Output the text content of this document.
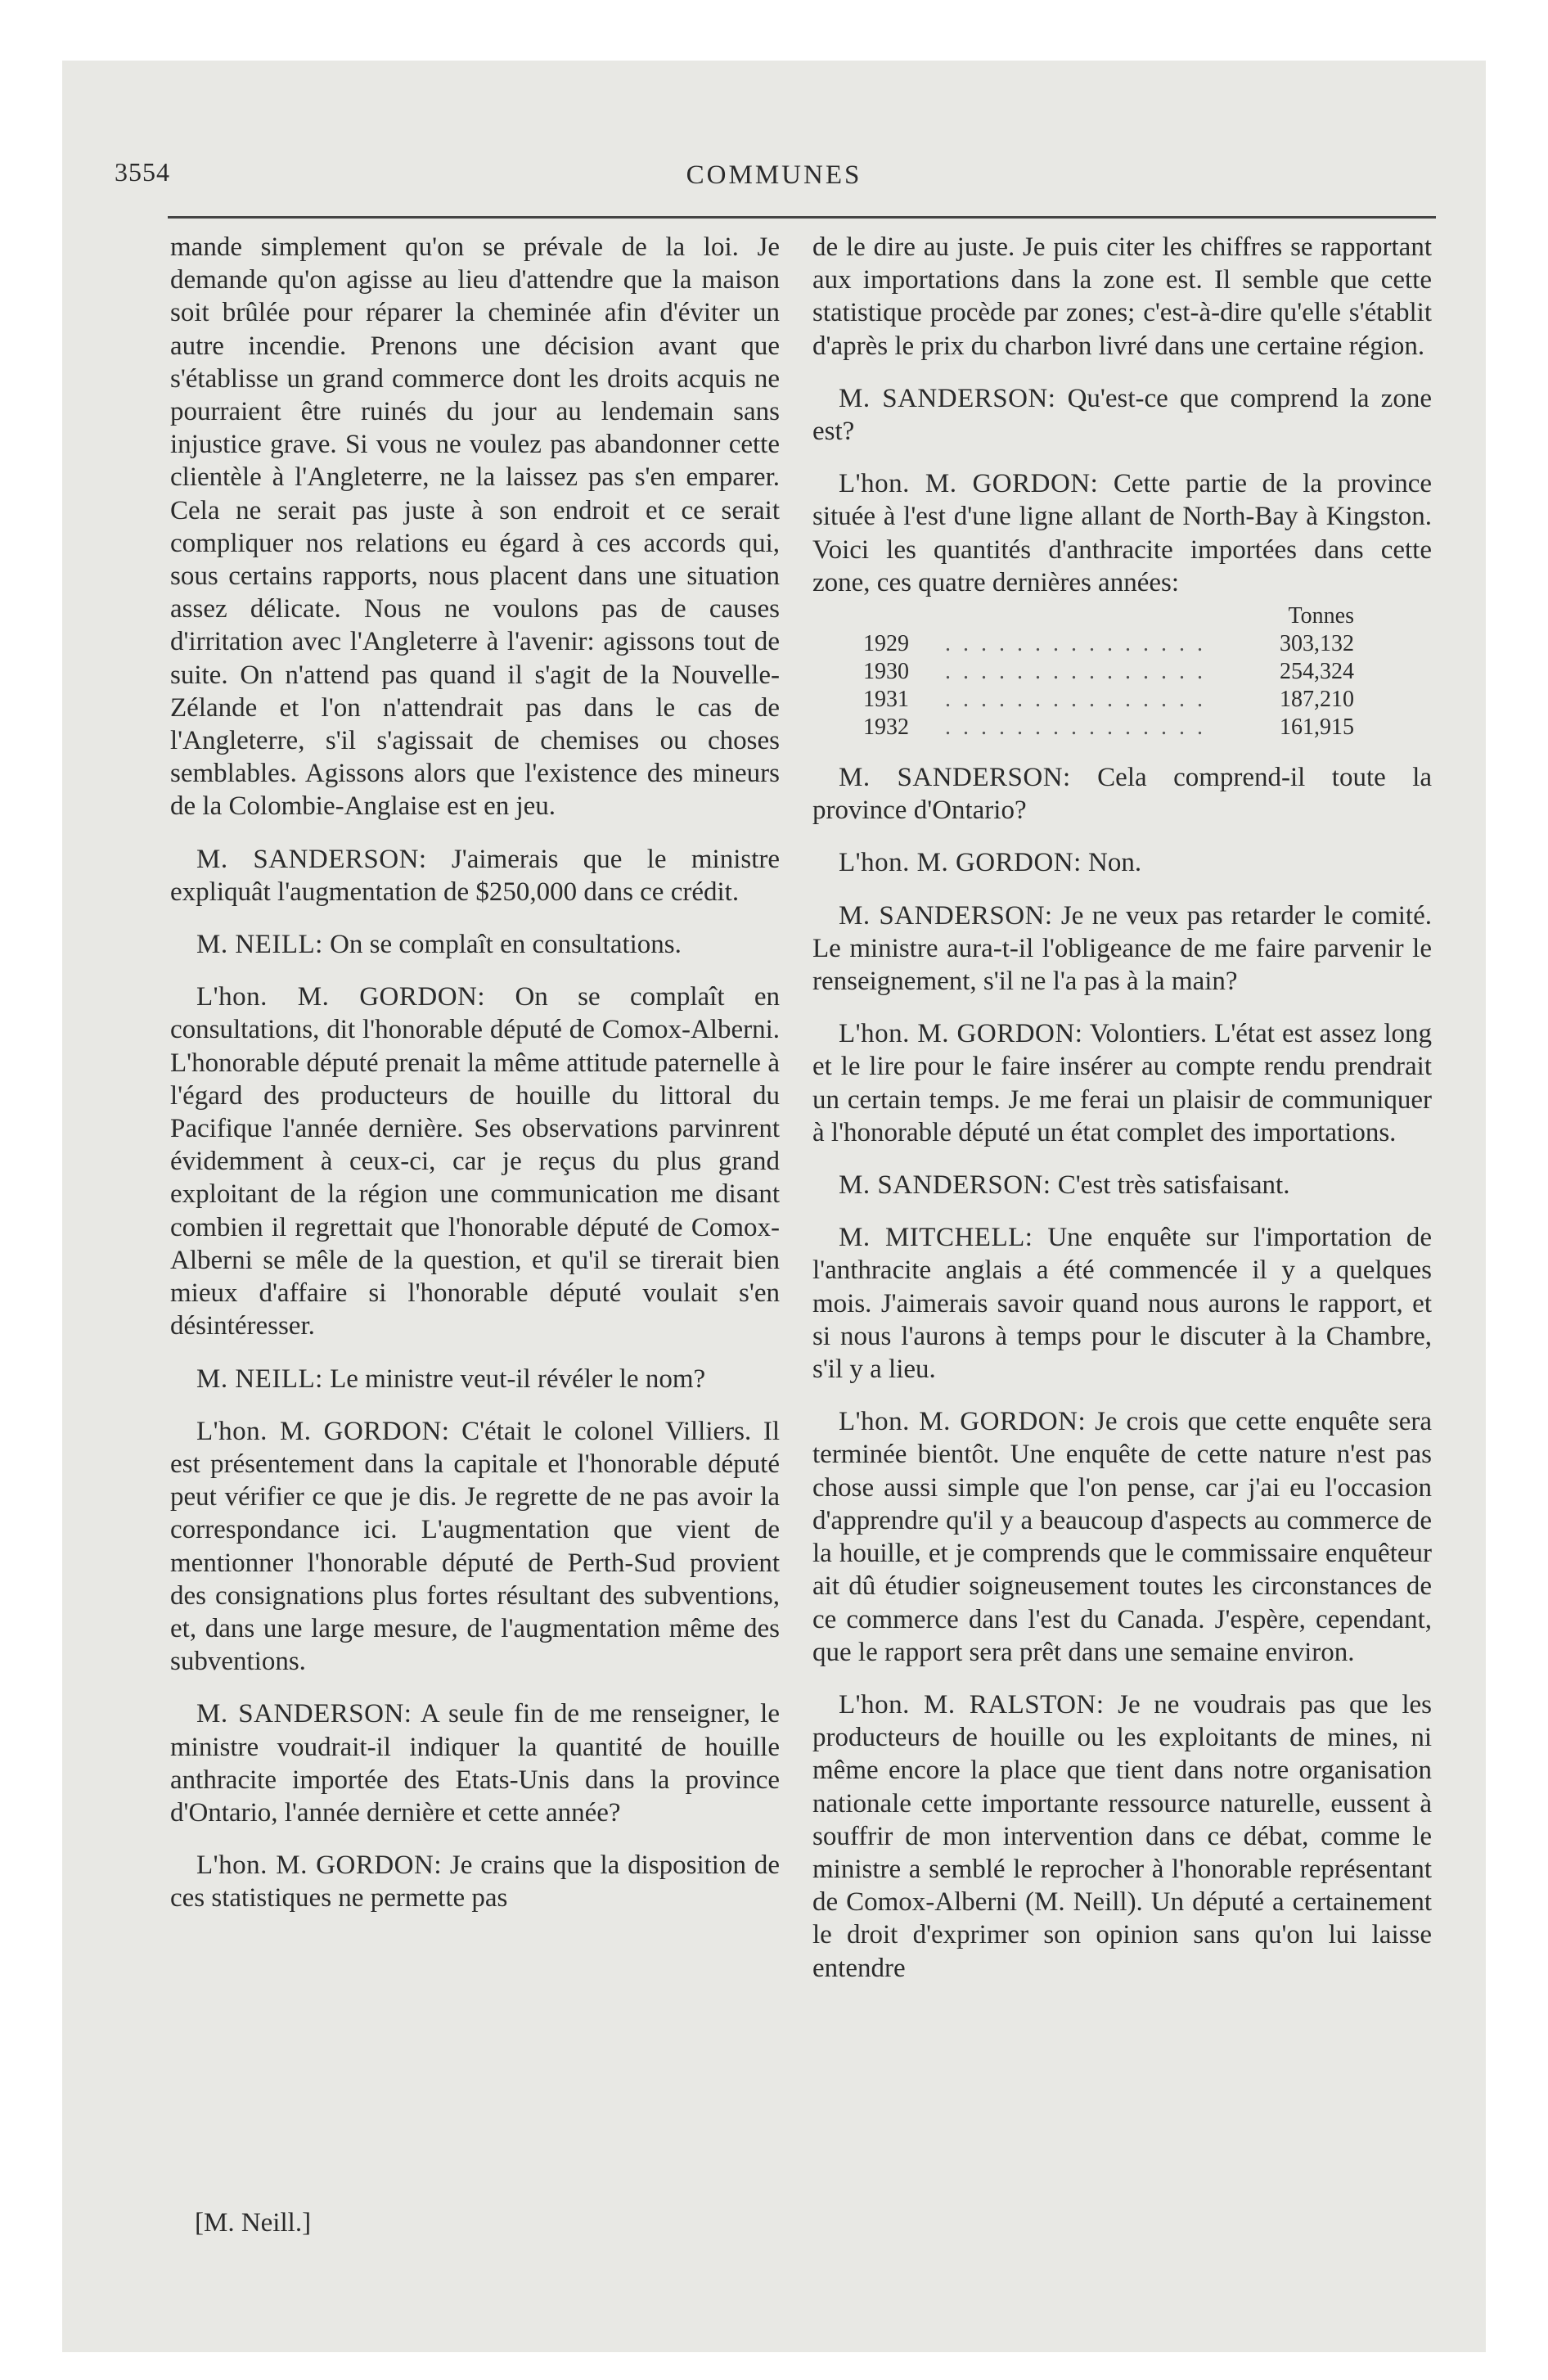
3554	COMMUNES

mande simplement qu'on se prévale de la loi. Je demande qu'on agisse au lieu d'attendre que la maison soit brûlée pour réparer la cheminée afin d'éviter un autre incendie. Prenons une décision avant que s'établisse un grand commerce dont les droits acquis ne pourraient être ruinés du jour au lendemain sans injustice grave. Si vous ne voulez pas abandonner cette clientèle à l'Angleterre, ne la laissez pas s'en emparer. Cela ne serait pas juste à son endroit et ce serait compliquer nos relations eu égard à ces accords qui, sous certains rapports, nous placent dans une situation assez délicate. Nous ne voulons pas de causes d'irritation avec l'Angleterre à l'avenir: agissons tout de suite. On n'attend pas quand il s'agit de la Nouvelle-Zélande et l'on n'attendrait pas dans le cas de l'Angleterre, s'il s'agissait de chemises ou choses semblables. Agissons alors que l'existence des mineurs de la Colombie-Anglaise est en jeu.

M. SANDERSON: J'aimerais que le ministre expliquât l'augmentation de $250,000 dans ce crédit.

M. NEILL: On se complaît en consultations.

L'hon. M. GORDON: On se complaît en consultations, dit l'honorable député de Comox-Alberni. L'honorable député prenait la même attitude paternelle à l'égard des producteurs de houille du littoral du Pacifique l'année dernière. Ses observations parvinrent évidemment à ceux-ci, car je reçus du plus grand exploitant de la région une communication me disant combien il regrettait que l'honorable député de Comox-Alberni se mêle de la question, et qu'il se tirerait bien mieux d'affaire si l'honorable député voulait s'en désintéresser.

M. NEILL: Le ministre veut-il révéler le nom?

L'hon. M. GORDON: C'était le colonel Villiers. Il est présentement dans la capitale et l'honorable député peut vérifier ce que je dis. Je regrette de ne pas avoir la correspondance ici. L'augmentation que vient de mentionner l'honorable député de Perth-Sud provient des consignations plus fortes résultant des subventions, et, dans une large mesure, de l'augmentation même des subventions.

M. SANDERSON: A seule fin de me renseigner, le ministre voudrait-il indiquer la quantité de houille anthracite importée des Etats-Unis dans la province d'Ontario, l'année dernière et cette année?

L'hon. M. GORDON: Je crains que la disposition de ces statistiques ne permette pas

[M. Neill.]

de le dire au juste. Je puis citer les chiffres se rapportant aux importations dans la zone est. Il semble que cette statistique procède par zones; c'est-à-dire qu'elle s'établit d'après le prix du charbon livré dans une certaine région.

M. SANDERSON: Qu'est-ce que comprend la zone est?

L'hon. M. GORDON: Cette partie de la province située à l'est d'une ligne allant de North-Bay à Kingston. Voici les quantités d'anthracite importées dans cette zone, ces quatre dernières années:

		Tonnes
1929	. . . . . . . . . . . . . . .	303,132
1930	. . . . . . . . . . . . . . .	254,324
1931	. . . . . . . . . . . . . . .	187,210
1932	. . . . . . . . . . . . . . .	161,915

M. SANDERSON: Cela comprend-il toute la province d'Ontario?

L'hon. M. GORDON: Non.

M. SANDERSON: Je ne veux pas retarder le comité. Le ministre aura-t-il l'obligeance de me faire parvenir le renseignement, s'il ne l'a pas à la main?

L'hon. M. GORDON: Volontiers. L'état est assez long et le lire pour le faire insérer au compte rendu prendrait un certain temps. Je me ferai un plaisir de communiquer à l'honorable député un état complet des importations.

M. SANDERSON: C'est très satisfaisant.

M. MITCHELL: Une enquête sur l'importation de l'anthracite anglais a été commencée il y a quelques mois. J'aimerais savoir quand nous aurons le rapport, et si nous l'aurons à temps pour le discuter à la Chambre, s'il y a lieu.

L'hon. M. GORDON: Je crois que cette enquête sera terminée bientôt. Une enquête de cette nature n'est pas chose aussi simple que l'on pense, car j'ai eu l'occasion d'apprendre qu'il y a beaucoup d'aspects au commerce de la houille, et je comprends que le commissaire enquêteur ait dû étudier soigneusement toutes les circonstances de ce commerce dans l'est du Canada. J'espère, cependant, que le rapport sera prêt dans une semaine environ.

L'hon. M. RALSTON: Je ne voudrais pas que les producteurs de houille ou les exploitants de mines, ni même encore la place que tient dans notre organisation nationale cette importante ressource naturelle, eussent à souffrir de mon intervention dans ce débat, comme le ministre a semblé le reprocher à l'honorable représentant de Comox-Alberni (M. Neill). Un député a certainement le droit d'exprimer son opinion sans qu'on lui laisse entendre
